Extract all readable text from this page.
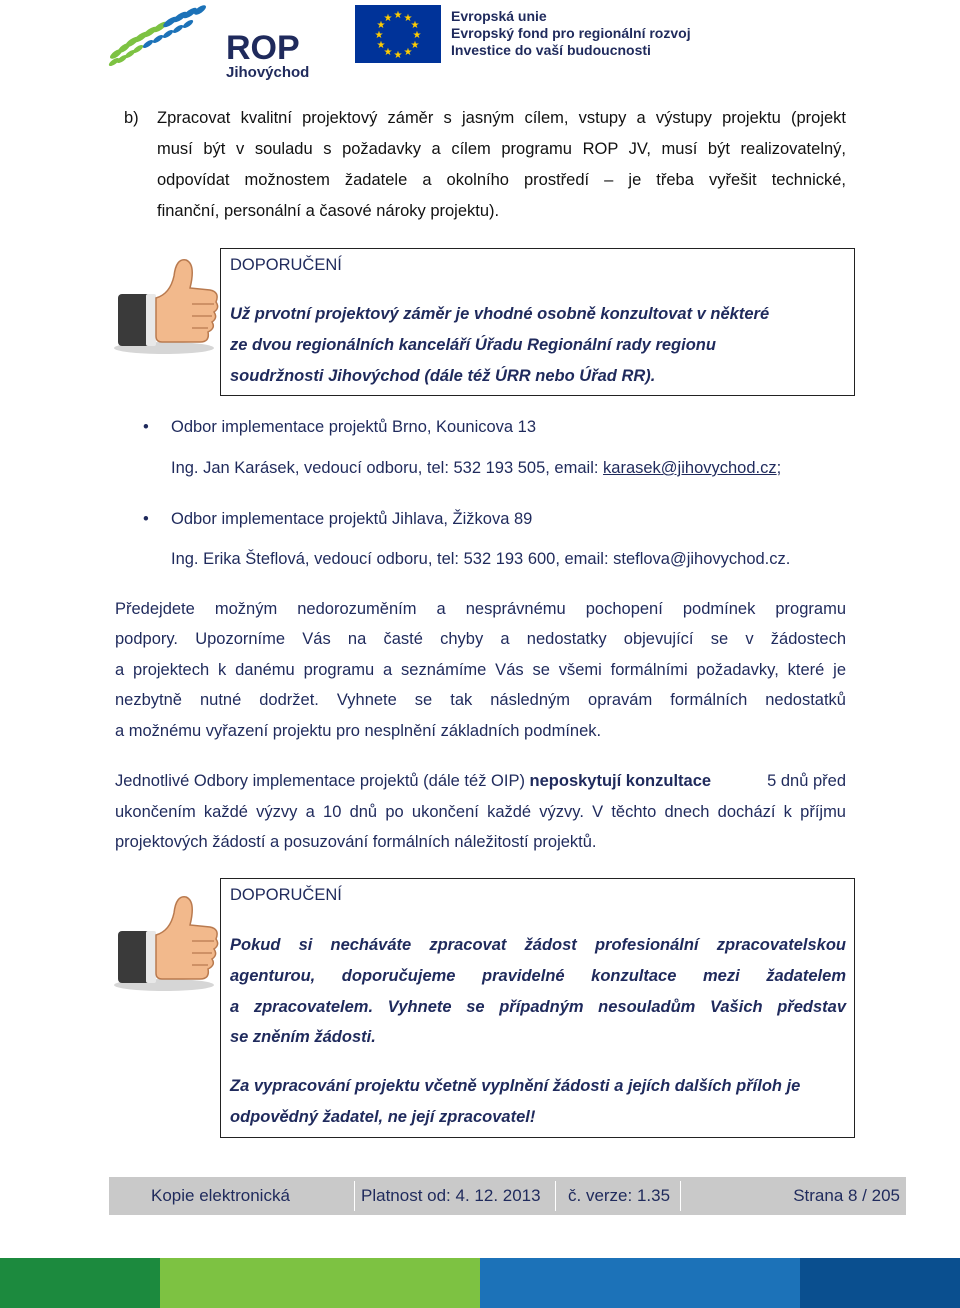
ROP
Jihovýchod
★ ★
★
★
★
★
★
★
★
★
★
★	Evropská unie
Evropský fond pro regionální rozvoj
Investice do vaší budoucnosti
b) Zpracovat kvalitní projektový záměr s jasným cílem, vstupy a výstupy projektu (projekt
musí být v souladu s požadavky a cílem programu ROP JV, musí být realizovatelný,
odpovídat možnostem žadatele a okolního prostředí – je třeba vyřešit technické,
finanční, personální a časové nároky projektu).
DOPORUČENÍ
Už prvotní projektový záměr je vhodné osobně konzultovat v některé
ze dvou regionálních kanceláří Úřadu Regionální rady regionu
soudržnosti Jihovýchod (dále též ÚRR nebo Úřad RR).
• Odbor implementace projektů Brno, Kounicova 13
Ing. Jan Karásek, vedoucí odboru, tel: 532 193 505, email: karasek@jihovychod.cz;
• Odbor implementace projektů Jihlava, Žižkova 89
Ing. Erika Šteflová, vedoucí odboru, tel: 532 193 600, email: steflova@jihovychod.cz.
Předejdete možným nedorozuměním a nesprávnému pochopení podmínek programu
podpory. Upozorníme Vás na časté chyby a nedostatky objevující se v žádostech
a projektech k danému programu a seznámíme Vás se všemi formálními požadavky, které je
nezbytně nutné dodržet. Vyhnete se tak následným opravám formálních nedostatků
a možnému vyřazení projektu pro nesplnění základních podmínek.
Jednotlivé Odbory implementace projektů (dále též OIP) neposkytují konzultace	5 dnů před
ukončením každé výzvy a 10 dnů po ukončení každé výzvy. V těchto dnech dochází k příjmu
projektových žádostí a posuzování formálních náležitostí projektů.
DOPORUČENÍ
Pokud si necháváte zpracovat žádost profesionální zpracovatelskou
agenturou, doporučujeme pravidelné konzultace mezi žadatelem
a zpracovatelem. Vyhnete se případným nesouladům Vašich představ
se zněním žádosti.
Za vypracování projektu včetně vyplnění žádosti a jejích dalších příloh je
odpovědný žadatel, ne její zpracovatel!
Kopie elektronická	Platnost od: 4. 12. 2013 č. verze: 1.35	Strana 8 / 205
